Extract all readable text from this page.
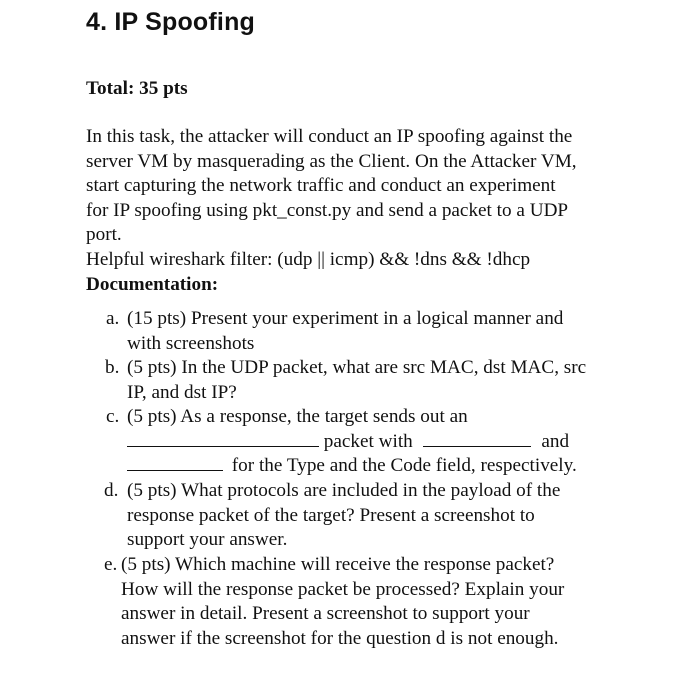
4. IP Spoofing
Total: 35 pts
In this task, the attacker will conduct an IP spoofing against the
server VM by masquerading as the Client. On the Attacker VM,
start capturing the network traffic and conduct an experiment
for IP spoofing using pkt_const.py and send a packet to a UDP
port.
Helpful wireshark filter: (udp || icmp) && !dns && !dhcp
Documentation:
a. (15 pts) Present your experiment in a logical manner and
with screenshots
b. (5 pts) In the UDP packet, what are src MAC, dst MAC, src
IP, and dst IP?
c. (5 pts) As a response, the target sends out an
packet with	and
for the Type and the Code field, respectively.
d. (5 pts) What protocols are included in the payload of the
response packet of the target? Present a screenshot to
support your answer.
e. (5 pts) Which machine will receive the response packet?
How will the response packet be processed? Explain your
answer in detail. Present a screenshot to support your
answer if the screenshot for the question d is not enough.
